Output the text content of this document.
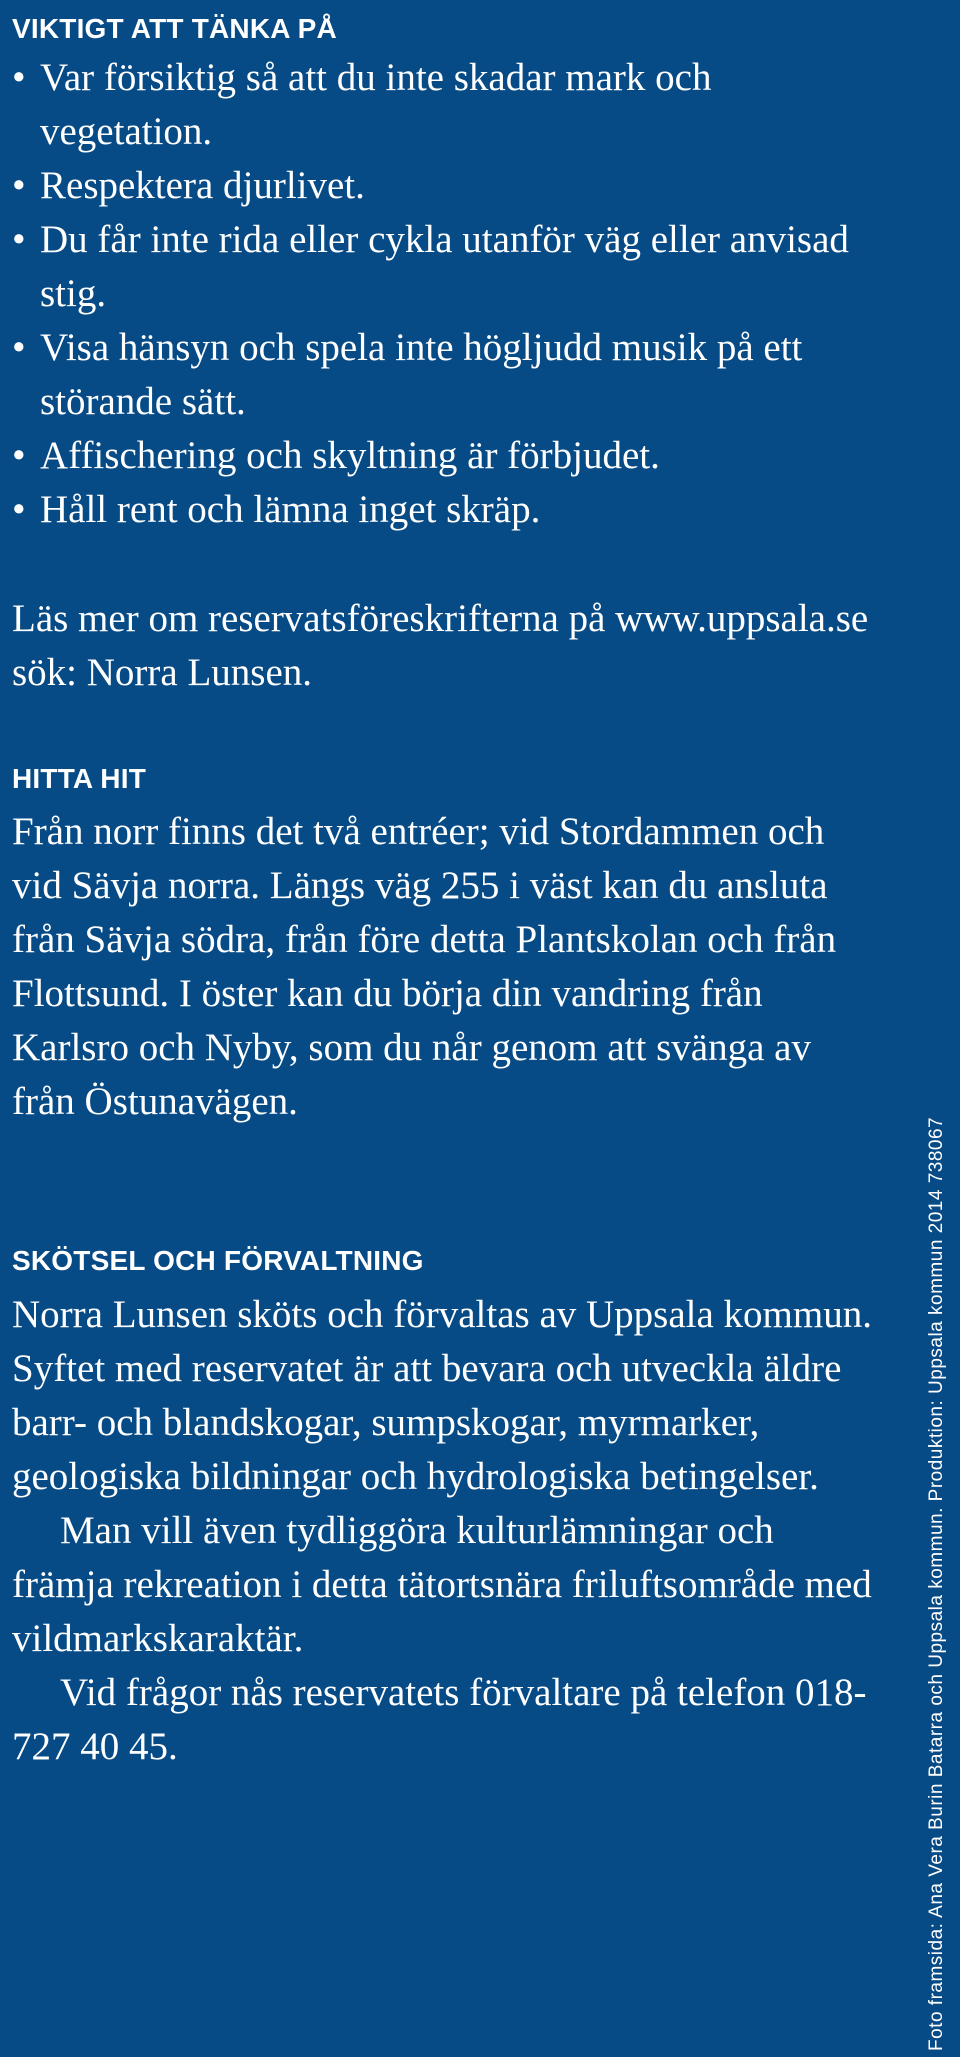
VIKTIGT ATT TÄNKA PÅ
• Var försiktig så att du inte skadar mark och vegetation.
• Respektera djurlivet.
• Du får inte rida eller cykla utanför väg eller anvisad stig.
• Visa hänsyn och spela inte högljudd musik på ett störande sätt.
• Affischering och skyltning är förbjudet.
• Håll rent och lämna inget skräp.

Läs mer om reservatsföreskrifterna på www.uppsala.se sök: Norra Lunsen.

HITTA HIT

Från norr finns det två entréer; vid Stordammen och vid Sävja norra. Längs väg 255 i väst kan du ansluta från Sävja södra, från före detta Plantskolan och från Flottsund. I öster kan du börja din vandring från Karlsro och Nyby, som du når genom att svänga av från Östunavägen.

SKÖTSEL OCH FÖRVALTNING
Norra Lunsen sköts och förvaltas av Uppsala kommun. Syftet med reservatet är att bevara och utveckla äldre barr- och blandskogar, sumpskogar, myrmarker, geologiska bildningar och hydrologiska betingelser.
Man vill även tydliggöra kulturlämningar och främja rekreation i detta tätortsnära friluftsområde med vildmarkskaraktär.
Vid frågor nås reservatets förvaltare på telefon 018-727 40 45.	Foto framsida: Ana Vera Burin Batarra och Uppsala kommun. Produktion: Uppsala kommun 2014 738067
